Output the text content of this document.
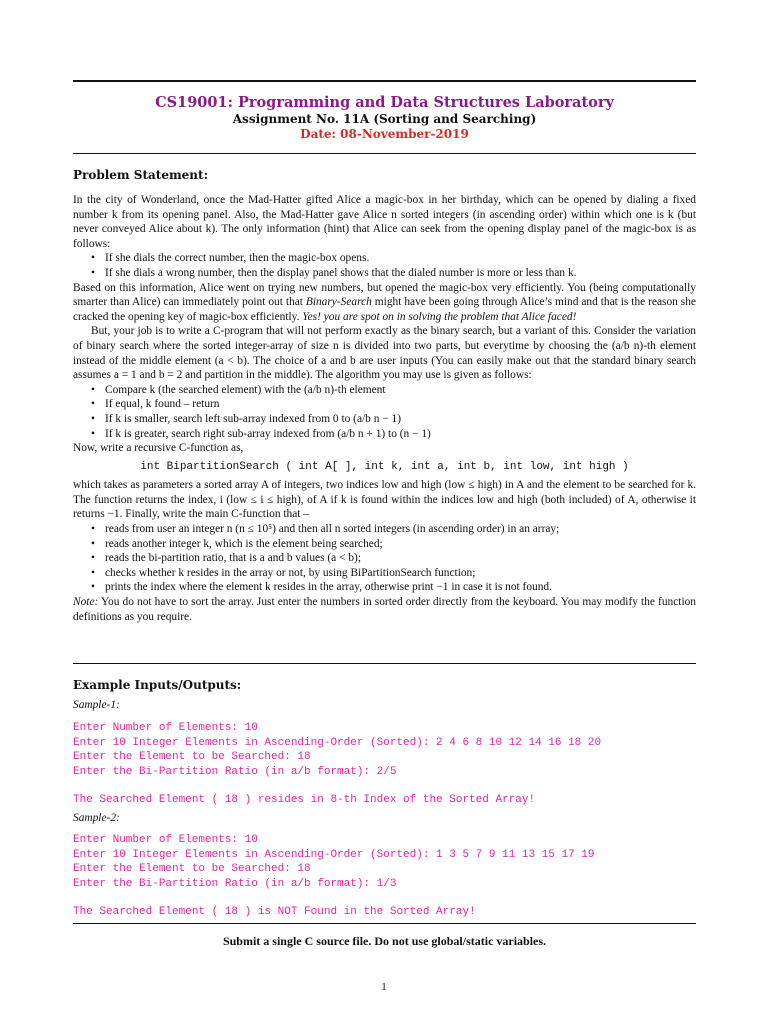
CS19001: Programming and Data Structures Laboratory
Assignment No. 11A (Sorting and Searching)
Date: 08-November-2019
Problem Statement:

In the city of Wonderland, once the Mad-Hatter gifted Alice a magic-box in her birthday, which can be opened by dialing a fixed number k from its opening panel. Also, the Mad-Hatter gave Alice n sorted integers (in ascending order) within which one is k (but never conveyed Alice about k). The only information (hint) that Alice can seek from the opening display panel of the magic-box is as follows:

• If she dials the correct number, then the magic-box opens.
• If she dials a wrong number, then the display panel shows that the dialed number is more or less than k.

Based on this information, Alice went on trying new numbers, but opened the magic-box very efficiently. You (being computationally smarter than Alice) can immediately point out that Binary-Search might have been going through Alice’s mind and that is the reason she cracked the opening key of magic-box efficiently. Yes! you are spot on in solving the problem that Alice faced!

But, your job is to write a C-program that will not perform exactly as the binary search, but a variant of this. Consider the variation of binary search where the sorted integer-array of size n is divided into two parts, but everytime by choosing the (a/b n)-th element instead of the middle element (a < b). The choice of a and b are user inputs (You can easily make out that the standard binary search assumes a = 1 and b = 2 and partition in the middle). The algorithm you may use is given as follows:

• Compare k (the searched element) with the (a/b n)-th element
• If equal, k found – return
• If k is smaller, search left sub-array indexed from 0 to (a/b n − 1)
• If k is greater, search right sub-array indexed from (a/b n + 1) to (n − 1)

Now, write a recursive C-function as,

int BipartitionSearch ( int A[ ], int k, int a, int b, int low, int high )

which takes as parameters a sorted array A of integers, two indices low and high (low ≤ high) in A and the element to be searched for k. The function returns the index, i (low ≤ i ≤ high), of A if k is found within the indices low and high (both included) of A, otherwise it returns −1. Finally, write the main C-function that –

• reads from user an integer n (n ≤ 10⁵) and then all n sorted integers (in ascending order) in an array;
• reads another integer k, which is the element being searched;
• reads the bi-partition ratio, that is a and b values (a < b);
• checks whether k resides in the array or not, by using BiPartitionSearch function;
• prints the index where the element k resides in the array, otherwise print −1 in case it is not found.

Note: You do not have to sort the array. Just enter the numbers in sorted order directly from the keyboard. You may modify the function definitions as you require.

Example Inputs/Outputs:
Sample-1:
Enter Number of Elements: 10
Enter 10 Integer Elements in Ascending-Order (Sorted): 2 4 6 8 10 12 14 16 18 20
Enter the Element to be Searched: 18
Enter the Bi-Partition Ratio (in a/b format): 2/5
The Searched Element ( 18 ) resides in 8-th Index of the Sorted Array!
Sample-2:
Enter Number of Elements: 10
Enter 10 Integer Elements in Ascending-Order (Sorted): 1 3 5 7 9 11 13 15 17 19
Enter the Element to be Searched: 18
Enter the Bi-Partition Ratio (in a/b format): 1/3
The Searched Element ( 18 ) is NOT Found in the Sorted Array!
Submit a single C source file. Do not use global/static variables.
1
